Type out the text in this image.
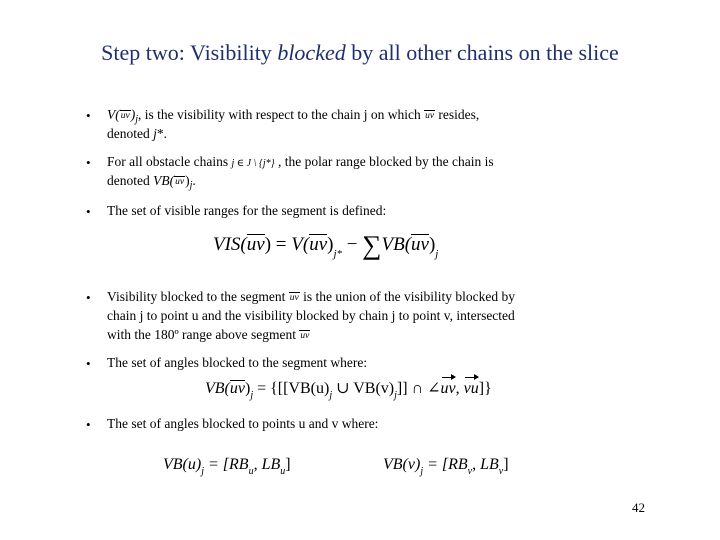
Step two: Visibility blocked by all other chains on the slice
• $V(uv)_j$, is the visibility with respect to the chain j on which uv resides,
denoted j*.
• For all obstacle chains j ∈ J \ {j*} , the polar range blocked by the chain is
denoted $VB(uv)_j$.
• The set of visible ranges for the segment is defined:
$VIS(uv) = V(uv)_{j*} - \sum VB(uv)_j$
• Visibility blocked to the segment uv is the union of the visibility blocked by
chain j to point u and the visibility blocked by chain j to point v, intersected
with the 180º range above segment uv
• The set of angles blocked to the segment where:
$VB(uv)_j = \{[[VB(u)_j$ ∪ $VB(v)_j$]] ∩ ∠uv, vu]}
• The set of angles blocked to points u and v where:
$VB(u)_j = [RB_u$, $LB_u$]	$VB(v)_j = [RB_v$, $LB_v$]
42
